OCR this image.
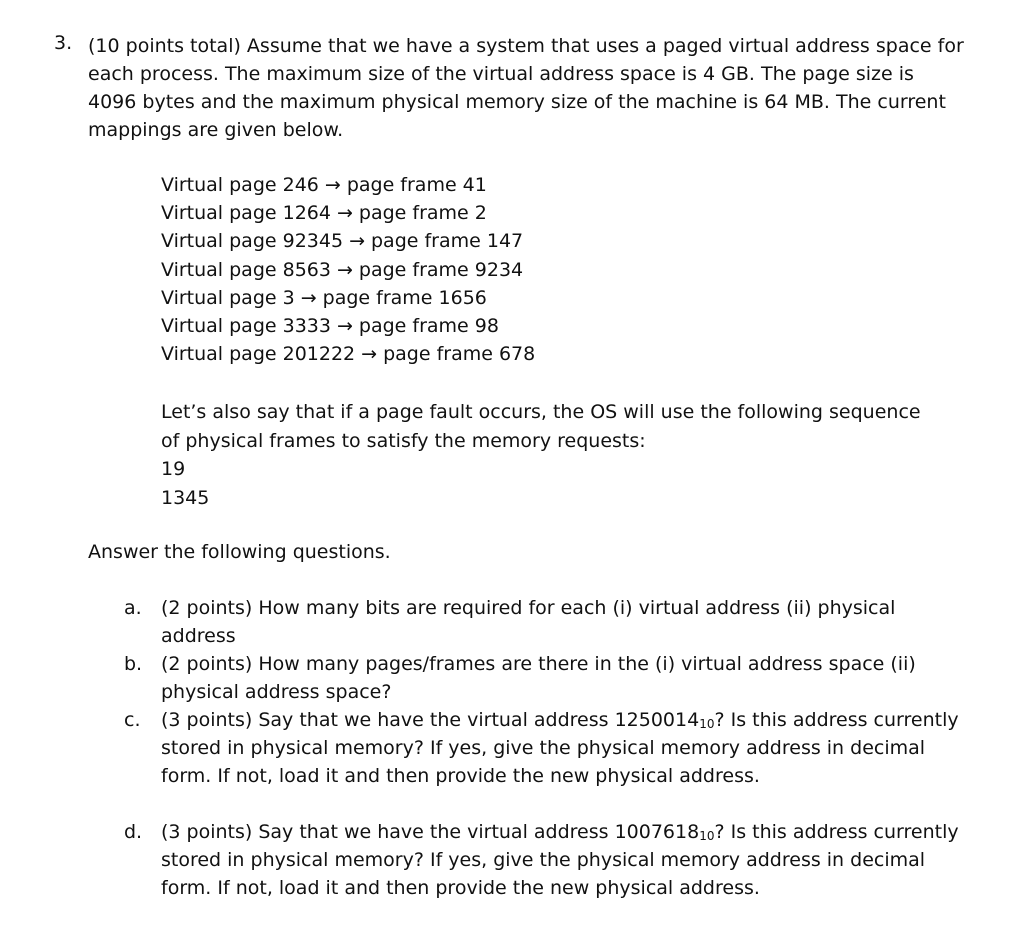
3. (10 points total) Assume that we have a system that uses a paged virtual address space for each process. The maximum size of the virtual address space is 4 GB. The page size is 4096 bytes and the maximum physical memory size of the machine is 64 MB. The current mappings are given below.
Virtual page 246 → page frame 41
Virtual page 1264 → page frame 2
Virtual page 92345 → page frame 147
Virtual page 8563 → page frame 9234
Virtual page 3 → page frame 1656
Virtual page 3333 → page frame 98
Virtual page 201222 → page frame 678
Let’s also say that if a page fault occurs, the OS will use the following sequence of physical frames to satisfy the memory requests:
19
1345
Answer the following questions.
a.	(2 points) How many bits are required for each (i) virtual address (ii) physical address
b. (2 points) How many pages/frames are there in the (i) virtual address space (ii) physical address space?
c.	(3 points) Say that we have the virtual address $1250014_{10}$? Is this address currently stored in physical memory? If yes, give the physical memory address in decimal form. If not, load it and then provide the new physical address.
d. (3 points) Say that we have the virtual address $1007618_{10}$? Is this address currently stored in physical memory? If yes, give the physical memory address in decimal form. If not, load it and then provide the new physical address.
